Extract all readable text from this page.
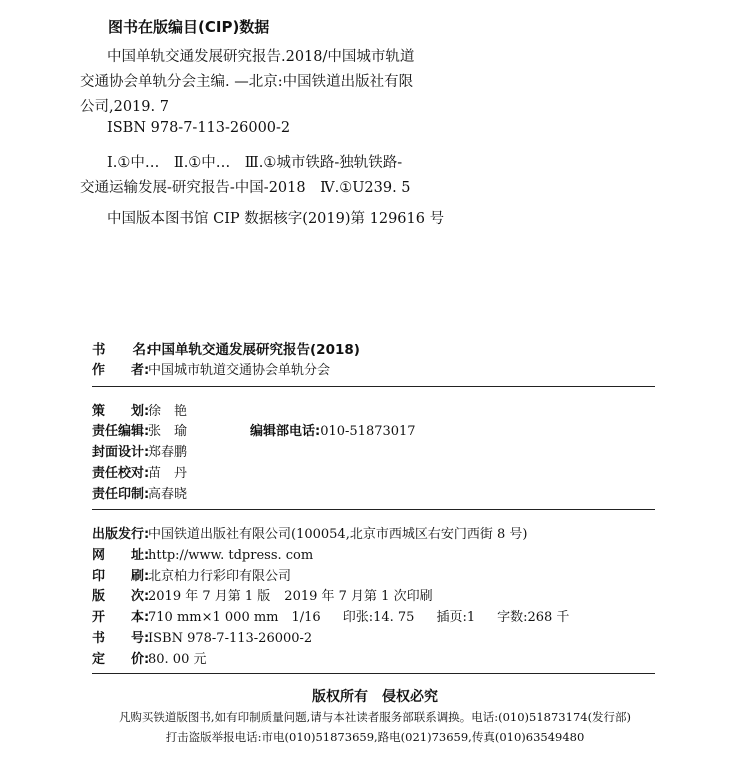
图书在版编目(CIP)数据
中国单轨交通发展研究报告.2018/中国城市轨道
交通协会单轨分会主编. —北京:中国铁道出版社有限
公司,2019. 7
ISBN 978-7-113-26000-2
Ⅰ.①中…　Ⅱ.①中…　Ⅲ.①城市铁路-独轨铁路-
交通运输发展-研究报告-中国-2018　Ⅳ.①U239. 5
中国版本图书馆 CIP 数据核字(2019)第 129616 号
书　　名:中国单轨交通发展研究报告(2018)
作　　者:中国城市轨道交通协会单轨分会
策　　划:徐　艳
责任编辑:张　瑜	编辑部电话:010-51873017
封面设计:郑春鹏
责任校对:苗　丹
责任印制:高春晓
出版发行:中国铁道出版社有限公司(100054,北京市西城区右安门西街 8 号)
网　　址:http://www. tdpress. com
印　　刷:北京柏力行彩印有限公司
版　　次:2019 年 7 月第 1 版 2019 年 7 月第 1 次印刷
开　　本:710 mm×1 000 mm　1/16 印张:14. 75 插页:1 字数:268 千
书　　号:ISBN 978-7-113-26000-2
定　　价:80. 00 元
版权所有　侵权必究
凡购买铁道版图书,如有印制质量问题,请与本社读者服务部联系调换。电话:(010)51873174(发行部)
打击盗版举报电话:市电(010)51873659,路电(021)73659,传真(010)63549480
